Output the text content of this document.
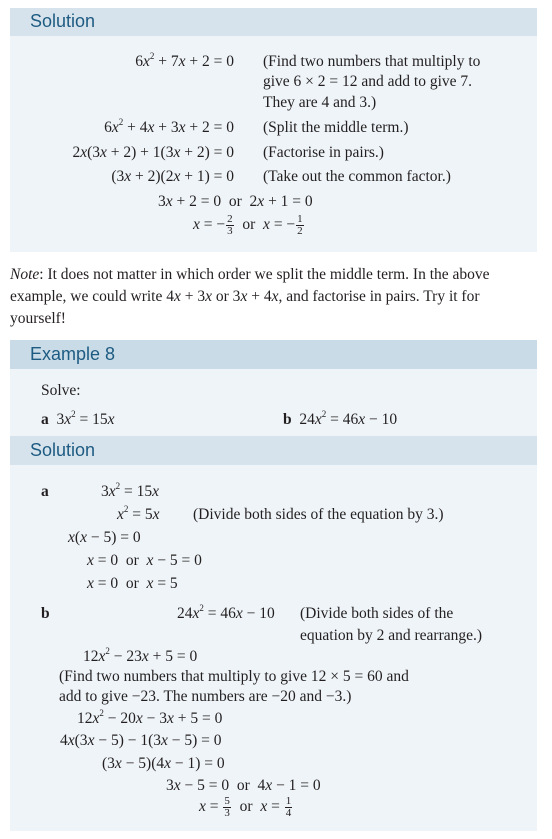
Solution
$6x^2 + 7x + 2 = 0$ (Find two numbers that multiply to
give 6 × 2 = 12 and add to give 7.
They are 4 and 3.)
$6x^2 + 4x + 3x + 2 = 0$ (Split the middle term.)
2x(3x + 2) + 1(3x + 2) = 0 (Factorise in pairs.)
(3x + 2)(2x + 1) = 0 (Take out the common factor.)
3x + 2 = 0  or  2x + 1 = 0
x = − $\frac{2}{3}$ or x = − $\frac{1}{2}$
Note: It does not matter in which order we split the middle term. In the above example, we could write 4x + 3x or 3x + 4x, and factorise in pairs. Try it for yourself!
Example 8
Solve:
a  $3x^2 = 15x$	b  $24x^2 = 46x - 10$
Solution
a	$3x^2 = 15x$
$x^2 = 5x$ (Divide both sides of the equation by 3.)
x(x − 5) = 0
x = 0  or  x − 5 = 0
x = 0  or  x = 5
b	$24x^2 = 46x - 10$ (Divide both sides of the
equation by 2 and rearrange.)
$12x^2 - 23x + 5 = 0$
(Find two numbers that multiply to give 12 × 5 = 60 and
add to give −23. The numbers are −20 and −3.)
$12x^2 - 20x - 3x + 5 = 0$
4x(3x − 5) − 1(3x − 5) = 0
(3x − 5)(4x − 1) = 0
3x − 5 = 0  or  4x − 1 = 0
$x = \frac{5}{3}$ or $x = \frac{1}{4}$
